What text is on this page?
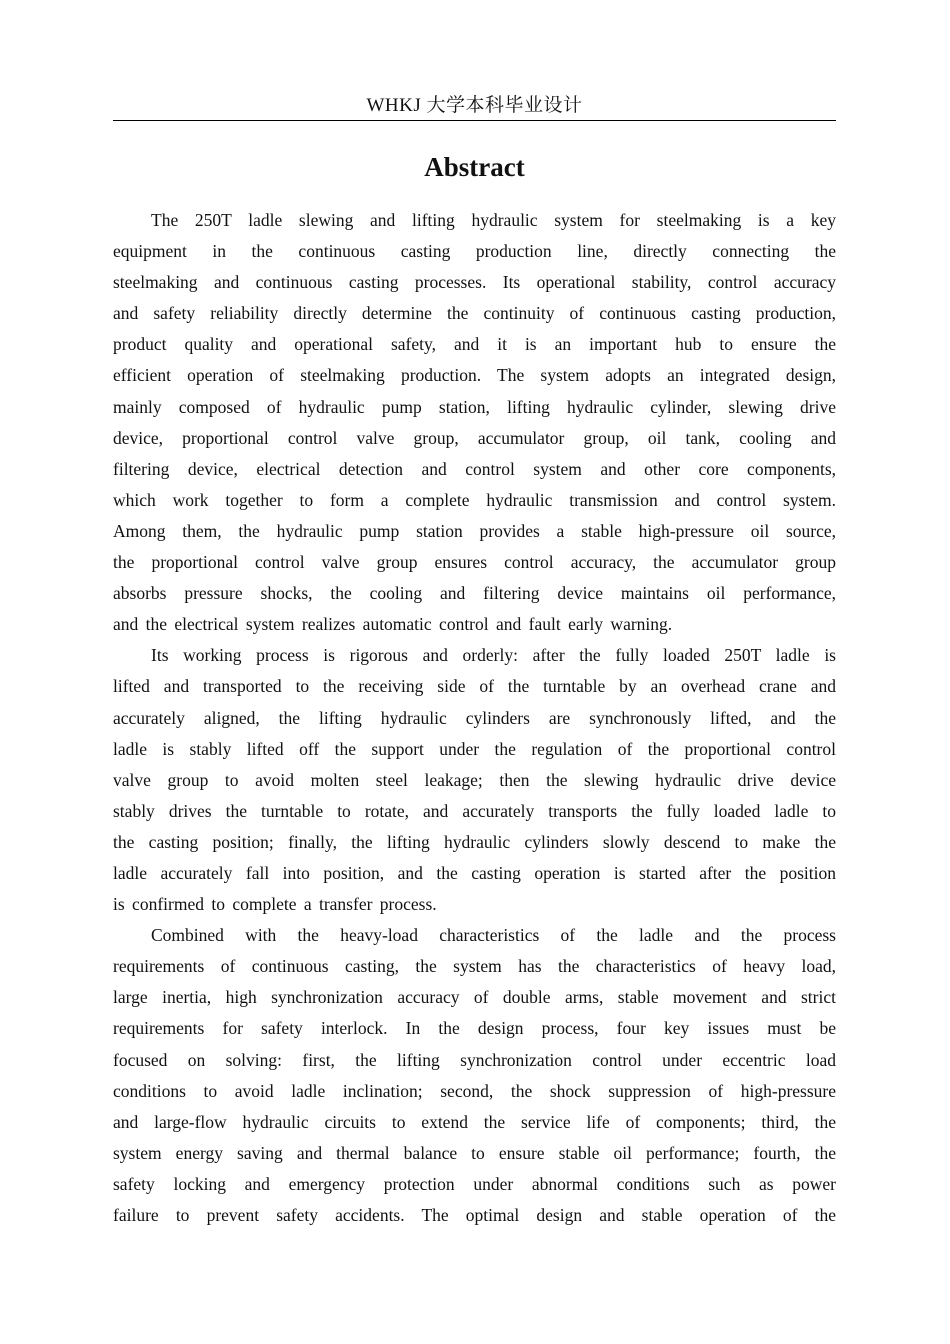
WHKJ 大学本科毕业设计
Abstract
The 250T ladle slewing and lifting hydraulic system for steelmaking is a key
equipment in the continuous casting production line, directly connecting the
steelmaking and continuous casting processes. Its operational stability, control accuracy
and safety reliability directly determine the continuity of continuous casting production,
product quality and operational safety, and it is an important hub to ensure the
efficient operation of steelmaking production. The system adopts an integrated design,
mainly composed of hydraulic pump station, lifting hydraulic cylinder, slewing drive
device, proportional control valve group, accumulator group, oil tank, cooling and
filtering device, electrical detection and control system and other core components,
which work together to form a complete hydraulic transmission and control system.
Among them, the hydraulic pump station provides a stable high-pressure oil source,
the proportional control valve group ensures control accuracy, the accumulator group
absorbs pressure shocks, the cooling and filtering device maintains oil performance,
and the electrical system realizes automatic control and fault early warning.
Its working process is rigorous and orderly: after the fully loaded 250T ladle is
lifted and transported to the receiving side of the turntable by an overhead crane and
accurately aligned, the lifting hydraulic cylinders are synchronously lifted, and the
ladle is stably lifted off the support under the regulation of the proportional control
valve group to avoid molten steel leakage; then the slewing hydraulic drive device
stably drives the turntable to rotate, and accurately transports the fully loaded ladle to
the casting position; finally, the lifting hydraulic cylinders slowly descend to make the
ladle accurately fall into position, and the casting operation is started after the position
is confirmed to complete a transfer process.
Combined with the heavy-load characteristics of the ladle and the process
requirements of continuous casting, the system has the characteristics of heavy load,
large inertia, high synchronization accuracy of double arms, stable movement and strict
requirements for safety interlock. In the design process, four key issues must be
focused on solving: first, the lifting synchronization control under eccentric load
conditions to avoid ladle inclination; second, the shock suppression of high-pressure
and large-flow hydraulic circuits to extend the service life of components; third, the
system energy saving and thermal balance to ensure stable oil performance; fourth, the
safety locking and emergency protection under abnormal conditions such as power
failure to prevent safety accidents. The optimal design and stable operation of the
